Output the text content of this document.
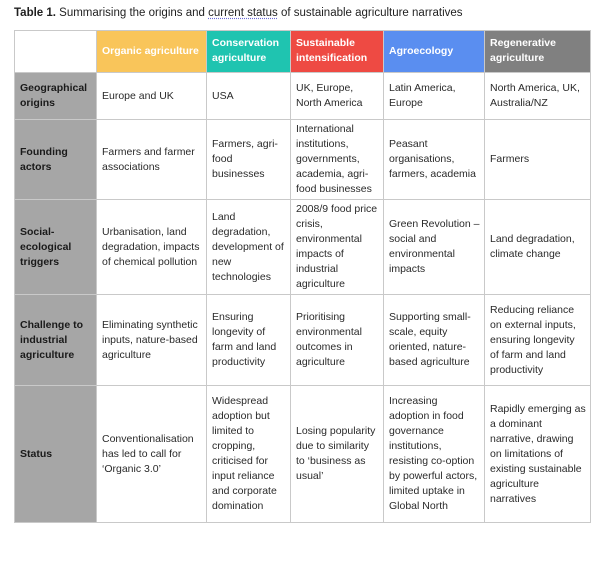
Table 1. Summarising the origins and current status of sustainable agriculture narratives
	Organic agriculture	Conservation agriculture	Sustainable intensification	Agroecology	Regenerative agriculture
Geographical origins	Europe and UK	USA	UK, Europe, North America	Latin America, Europe	North America, UK, Australia/NZ
Founding actors	Farmers and farmer associations	Farmers, agri-food businesses	International institutions, governments, academia, agri-food businesses	Peasant organisations, farmers, academia	Farmers
Social-ecological triggers	Urbanisation, land degradation, impacts of chemical pollution	Land degradation, development of new technologies	2008/9 food price crisis, environmental impacts of industrial agriculture	Green Revolution – social and environmental impacts	Land degradation, climate change
Challenge to industrial agriculture	Eliminating synthetic inputs, nature-based agriculture	Ensuring longevity of farm and land productivity	Prioritising environmental outcomes in agriculture	Supporting small-scale, equity oriented, nature-based agriculture	Reducing reliance on external inputs, ensuring longevity of farm and land productivity
Status	Conventionalisation has led to call for ‘Organic 3.0’	Widespread adoption but limited to cropping, criticised for input reliance and corporate domination	Losing popularity due to similarity to ‘business as usual’	Increasing adoption in food governance institutions, resisting co-option by powerful actors, limited uptake in Global North	Rapidly emerging as a dominant narrative, drawing on limitations of existing sustainable agriculture narratives
